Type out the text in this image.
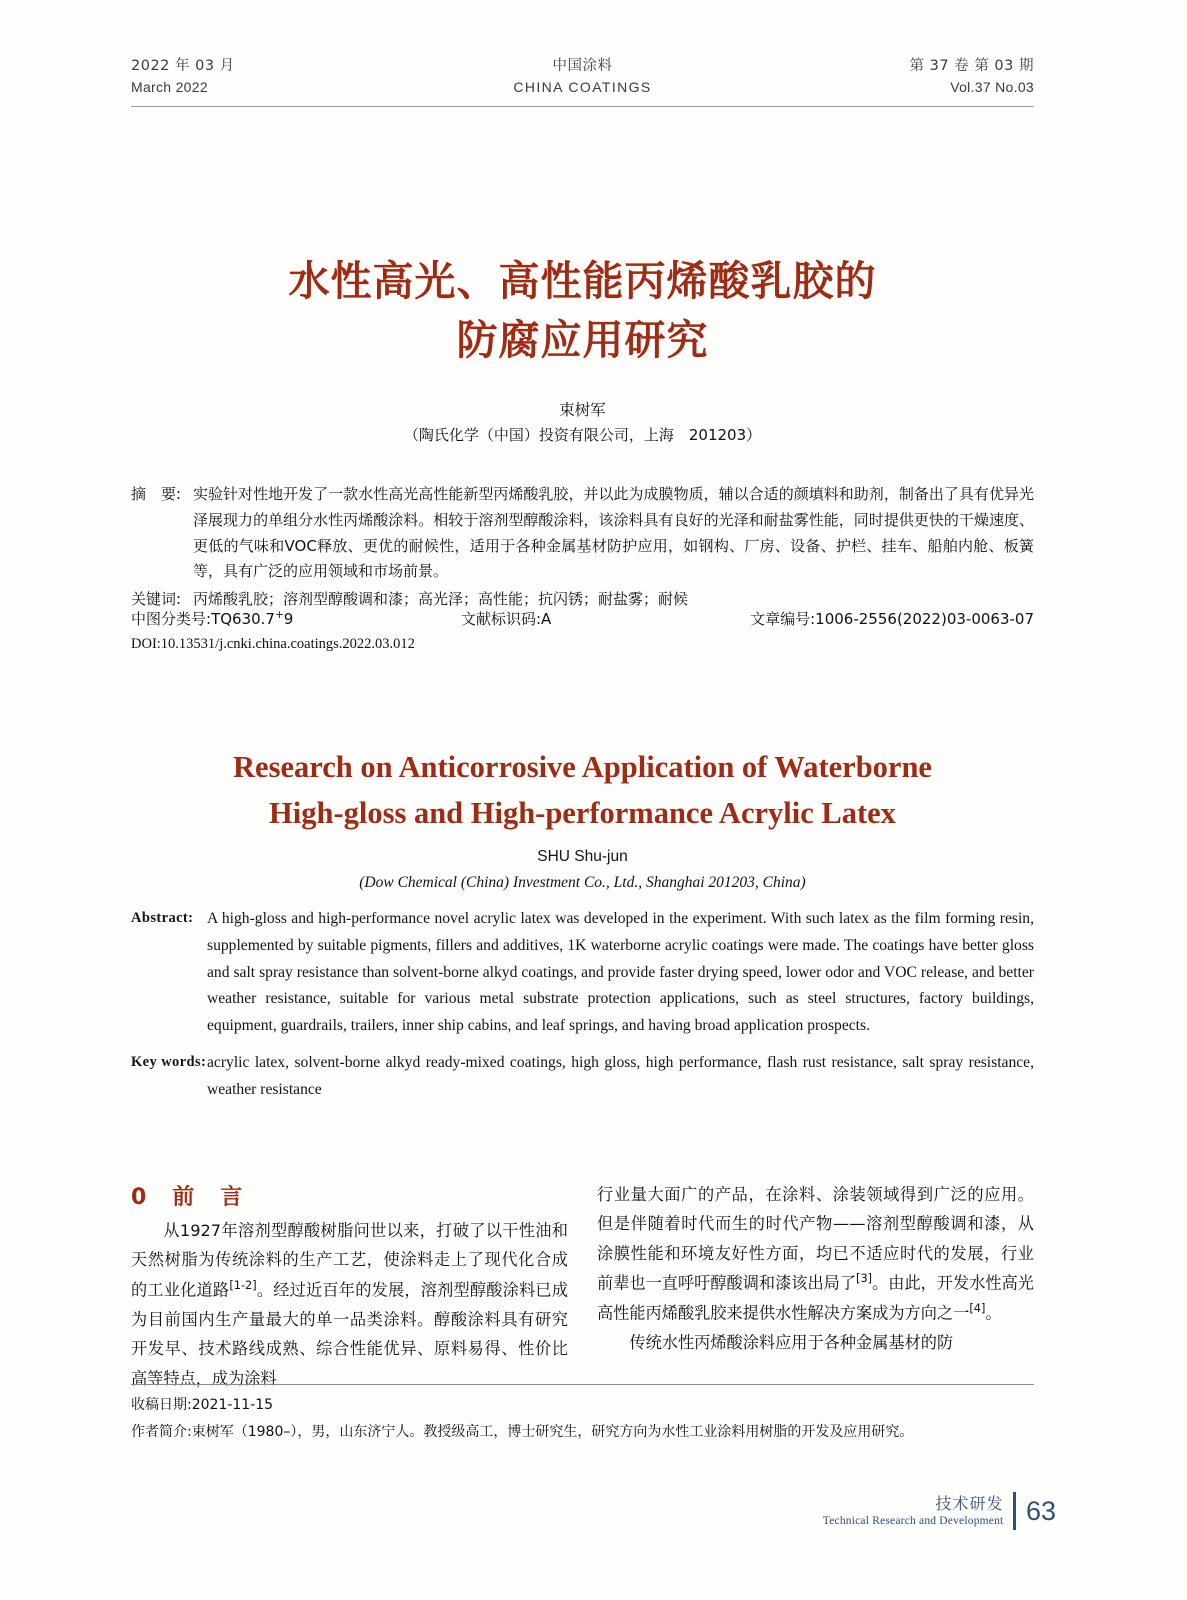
2022 年 03 月
March 2022
中国涂料
CHINA COATINGS
第 37 卷 第 03 期
Vol.37 No.03
水性高光、高性能丙烯酸乳胶的
防腐应用研究
束树军
（陶氏化学（中国）投资有限公司，上海　201203）
摘　要: 实验针对性地开发了一款水性高光高性能新型丙烯酸乳胶，并以此为成膜物质，辅以合适的颜填料和助剂，制备出了具有优异光泽展现力的单组分水性丙烯酸涂料。相较于溶剂型醇酸涂料，该涂料具有良好的光泽和耐盐雾性能，同时提供更快的干燥速度、更低的气味和VOC释放、更优的耐候性，适用于各种金属基材防护应用，如钢构、厂房、设备、护栏、挂车、船舶内舱、板簧等，具有广泛的应用领域和市场前景。
关键词: 丙烯酸乳胶；溶剂型醇酸调和漆；高光泽；高性能；抗闪锈；耐盐雾；耐候
中图分类号:TQ630.7+9	文献标识码:A	文章编号:1006-2556(2022)03-0063-07
DOI:10.13531/j.cnki.china.coatings.2022.03.012
Research on Anticorrosive Application of Waterborne
High-gloss and High-performance Acrylic Latex
SHU Shu-jun
(Dow Chemical (China) Investment Co., Ltd., Shanghai 201203, China)
Abstract: A high-gloss and high-performance novel acrylic latex was developed in the experiment. With such latex as the film forming resin, supplemented by suitable pigments, fillers and additives, 1K waterborne acrylic coatings were made. The coatings have better gloss and salt spray resistance than solvent-borne alkyd coatings, and provide faster drying speed, lower odor and VOC release, and better weather resistance, suitable for various metal substrate protection applications, such as steel structures, factory buildings, equipment, guardrails, trailers, inner ship cabins, and leaf springs, and having broad application prospects.
Key words: acrylic latex, solvent-borne alkyd ready-mixed coatings, high gloss, high performance, flash rust resistance, salt spray resistance, weather resistance
0　前　言

从1927年溶剂型醇酸树脂问世以来，打破了以干性油和天然树脂为传统涂料的生产工艺，使涂料走上了现代化合成的工业化道路[1-2]。经过近百年的发展，溶剂型醇酸涂料已成为目前国内生产量最大的单一品类涂料。醇酸涂料具有研究开发早、技术路线成熟、综合性能优异、原料易得、性价比高等特点，成为涂料

行业量大面广的产品，在涂料、涂装领域得到广泛的应用。但是伴随着时代而生的时代产物——溶剂型醇酸调和漆，从涂膜性能和环境友好性方面，均已不适应时代的发展，行业前辈也一直呼吁醇酸调和漆该出局了[3]。由此，开发水性高光高性能丙烯酸乳胶来提供水性解决方案成为方向之一[4]。

传统水性丙烯酸涂料应用于各种金属基材的防

收稿日期:2021-11-15
作者简介:束树军（1980–），男，山东济宁人。教授级高工，博士研究生，研究方向为水性工业涂料用树脂的开发及应用研究。
技术研发
Technical Research and Development 63
